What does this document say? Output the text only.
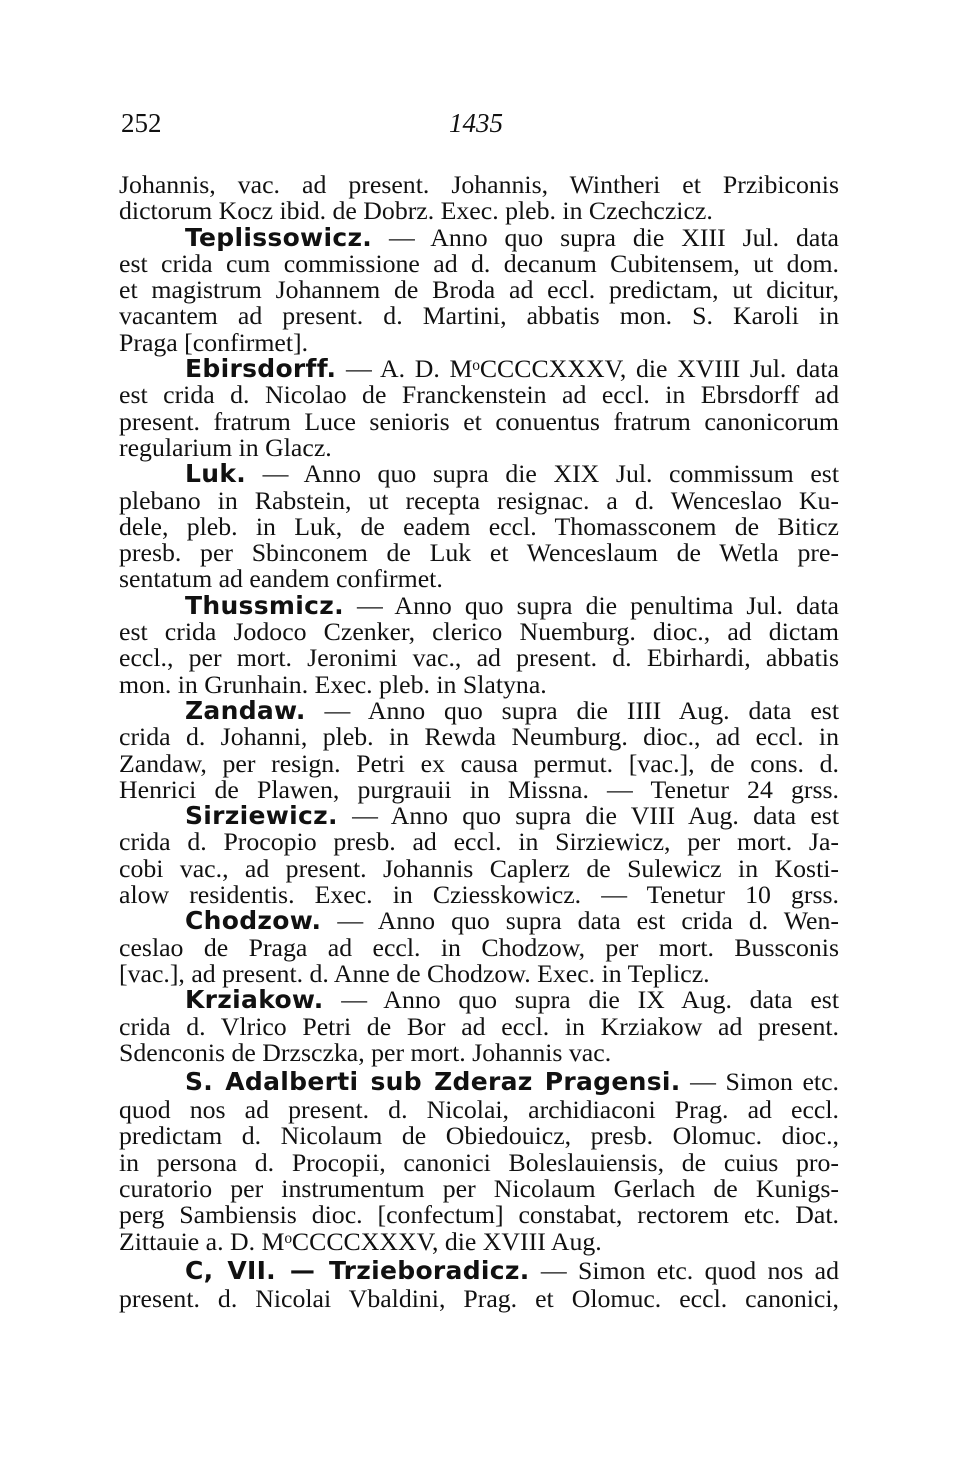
252	1435
Johannis, vac. ad present. Johannis, Wintheri et Przibiconis
dictorum Kocz ibid. de Dobrz. Exec. pleb. in Czechczicz.
Teplissowicz. — Anno quo supra die XIII Jul. data
est crida cum commissione ad d. decanum Cubitensem, ut dom.
et magistrum Johannem de Broda ad eccl. predictam, ut dicitur,
vacantem ad present. d. Martini, abbatis mon. S. Karoli in
Praga [confirmet].
Ebirsdorff. — A. D. MᵒCCCCXXXV, die XVIII Jul. data
est crida d. Nicolao de Franckenstein ad eccl. in Ebrsdorff ad
present. fratrum Luce senioris et conuentus fratrum canonicorum
regularium in Glacz.
Luk. — Anno quo supra die XIX Jul. commissum est
plebano in Rabstein, ut recepta resignac. a d. Wenceslao Ku-
dele, pleb. in Luk, de eadem eccl. Thomassconem de Biticz
presb. per Sbinconem de Luk et Wenceslaum de Wetla pre-
sentatum ad eandem confirmet.
Thussmicz. — Anno quo supra die penultima Jul. data
est crida Jodoco Czenker, clerico Nuemburg. dioc., ad dictam
eccl., per mort. Jeronimi vac., ad present. d. Ebirhardi, abbatis
mon. in Grunhain. Exec. pleb. in Slatyna.
Zandaw. — Anno quo supra die IIII Aug. data est
crida d. Johanni, pleb. in Rewda Neumburg. dioc., ad eccl. in
Zandaw, per resign. Petri ex causa permut. [vac.], de cons. d.
Henrici de Plawen, purgrauii in Missna. — Tenetur 24 grss.
Sirziewicz. — Anno quo supra die VIII Aug. data est
crida d. Procopio presb. ad eccl. in Sirziewicz, per mort. Ja-
cobi vac., ad present. Johannis Caplerz de Sulewicz in Kosti-
alow residentis. Exec. in Cziesskowicz. — Tenetur 10 grss.
Chodzow. — Anno quo supra data est crida d. Wen-
ceslao de Praga ad eccl. in Chodzow, per mort. Bussconis
[vac.], ad present. d. Anne de Chodzow. Exec. in Teplicz.
Krziakow. — Anno quo supra die IX Aug. data est
crida d. Vlrico Petri de Bor ad eccl. in Krziakow ad present.
Sdenconis de Drzsczka, per mort. Johannis vac.
S. Adalberti sub Zderaz Pragensi. — Simon etc.
quod nos ad present. d. Nicolai, archidiaconi Prag. ad eccl.
predictam d. Nicolaum de Obiedouicz, presb. Olomuc. dioc.,
in persona d. Procopii, canonici Boleslauiensis, de cuius pro-
curatorio per instrumentum per Nicolaum Gerlach de Kunigs-
perg Sambiensis dioc. [confectum] constabat, rectorem etc. Dat.
Zittauie a. D. MᵒCCCCXXXV, die XVIII Aug.
C, VII. — Trzieboradicz. — Simon etc. quod nos ad
present. d. Nicolai Vbaldini, Prag. et Olomuc. eccl. canonici,
